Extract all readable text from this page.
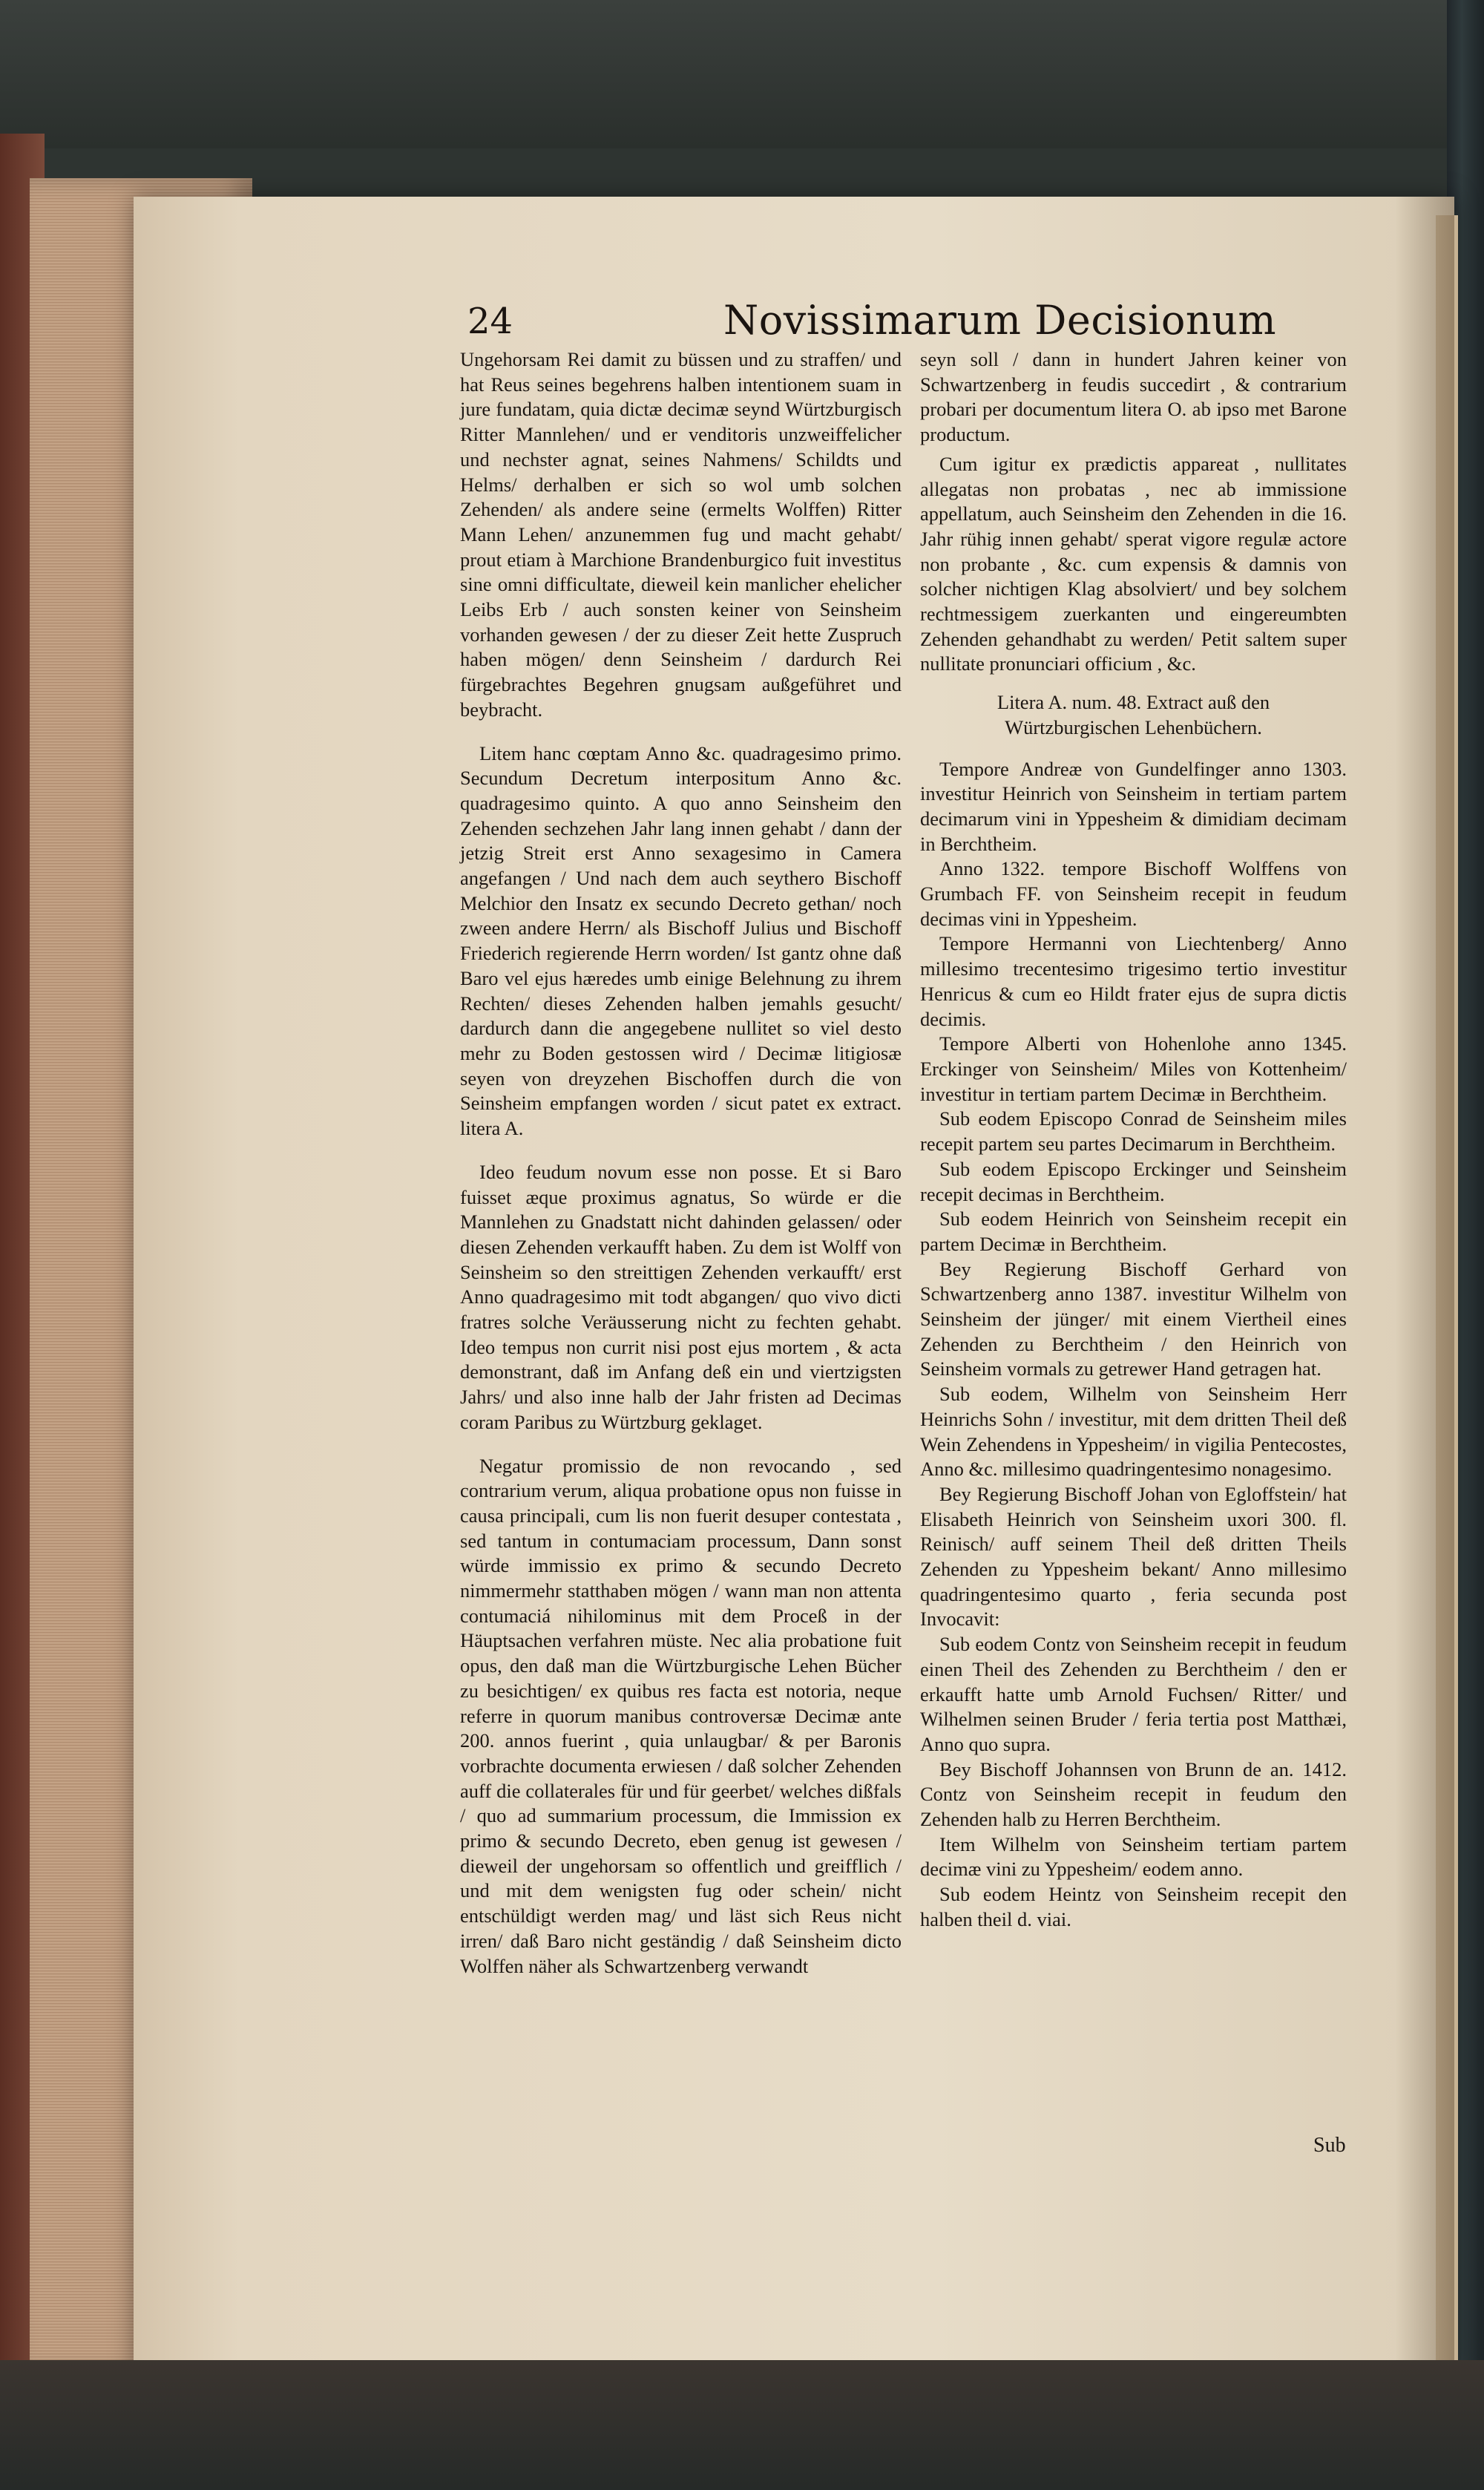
24	Novissimarum Decisionum

Ungehorsam Rei damit zu büssen und zu straffen/ und hat Reus seines begehrens halben intentionem suam in jure fundatam, quia dictæ decimæ seynd Würtzburgisch Ritter Mannlehen/ und er venditoris unzweiffelicher und nechster agnat, seines Nahmens/ Schildts und Helms/ derhalben er sich so wol umb solchen Zehenden/ als andere seine (ermelts Wolffen) Ritter Mann Lehen/ anzunemmen fug und macht gehabt/ prout etiam à Marchione Brandenburgico fuit investitus sine omni difficultate, dieweil kein manlicher ehelicher Leibs Erb / auch sonsten keiner von Seinsheim vorhanden gewesen / der zu dieser Zeit hette Zuspruch haben mögen/ denn Seinsheim / dardurch Rei fürgebrachtes Begehren gnugsam außgeführet und beybracht.

Litem hanc cœptam Anno &c. quadragesimo primo. Secundum Decretum interpositum Anno &c. quadragesimo quinto. A quo anno Seinsheim den Zehenden sechzehen Jahr lang innen gehabt / dann der jetzig Streit erst Anno sexagesimo in Camera angefangen / Und nach dem auch seythero Bischoff Melchior den Insatz ex secundo Decreto gethan/ noch zween andere Herrn/ als Bischoff Julius und Bischoff Friederich regierende Herrn worden/ Ist gantz ohne daß Baro vel ejus hæredes umb einige Belehnung zu ihrem Rechten/ dieses Zehenden halben jemahls gesucht/ dardurch dann die angegebene nullitet so viel desto mehr zu Boden gestossen wird / Decimæ litigiosæ seyen von dreyzehen Bischoffen durch die von Seinsheim empfangen worden / sicut patet ex extract. litera A.

Ideo feudum novum esse non posse. Et si Baro fuisset æque proximus agnatus, So würde er die Mannlehen zu Gnadstatt nicht dahinden gelassen/ oder diesen Zehenden verkaufft haben. Zu dem ist Wolff von Seinsheim so den streittigen Zehenden verkaufft/ erst Anno quadragesimo mit todt abgangen/ quo vivo dicti fratres solche Veräusserung nicht zu fechten gehabt. Ideo tempus non currit nisi post ejus mortem , & acta demonstrant, daß im Anfang deß ein und viertzigsten Jahrs/ und also inne halb der Jahr fristen ad Decimas coram Paribus zu Würtzburg geklaget.

Negatur promissio de non revocando , sed contrarium verum, aliqua probatione opus non fuisse in causa principali, cum lis non fuerit desuper contestata , sed tantum in contumaciam processum, Dann sonst würde immissio ex primo & secundo Decreto nimmermehr statthaben mögen / wann man non attenta contumaciá nihilominus mit dem Proceß in der Häuptsachen verfahren müste. Nec alia probatione fuit opus, den daß man die Würtzburgische Lehen Bücher zu besichtigen/ ex quibus res facta est notoria, neque referre in quorum manibus controversæ Decimæ ante 200. annos fuerint , quia unlaugbar/ & per Baronis vorbrachte documenta erwiesen / daß solcher Zehenden auff die collaterales für und für geerbet/ welches dißfals / quo ad summarium processum, die Immission ex primo & secundo Decreto, eben genug ist gewesen / dieweil der ungehorsam so offentlich und greifflich / und mit dem wenigsten fug oder schein/ nicht entschüldigt werden mag/ und läst sich Reus nicht irren/ daß Baro nicht geständig / daß Seinsheim dicto Wolffen näher als Schwartzenberg verwandt

seyn soll / dann in hundert Jahren keiner von Schwartzenberg in feudis succedirt , & contrarium probari per documentum litera O. ab ipso met Barone productum.

Cum igitur ex prædictis appareat , nullitates allegatas non probatas , nec ab immissione appellatum, auch Seinsheim den Zehenden in die 16. Jahr rühig innen gehabt/ sperat vigore regulæ actore non probante , &c. cum expensis & damnis von solcher nichtigen Klag absolviert/ und bey solchem rechtmessigem zuerkanten und eingereumbten Zehenden gehandhabt zu werden/ Petit saltem super nullitate pronunciari officium , &c.

Litera A. num. 48. Extract auß den Würtzburgischen Lehenbüchern.

Tempore Andreæ von Gundelfinger anno 1303. investitur Heinrich von Seinsheim in tertiam partem decimarum vini in Yppesheim & dimidiam decimam in Berchtheim.

Anno 1322. tempore Bischoff Wolffens von Grumbach FF. von Seinsheim recepit in feudum decimas vini in Yppesheim.

Tempore Hermanni von Liechtenberg/ Anno millesimo trecentesimo trigesimo tertio investitur Henricus & cum eo Hildt frater ejus de supra dictis decimis.

Tempore Alberti von Hohenlohe anno 1345. Erckinger von Seinsheim/ Miles von Kottenheim/ investitur in tertiam partem Decimæ in Berchtheim.

Sub eodem Episcopo Conrad de Seinsheim miles recepit partem seu partes Decimarum in Berchtheim.

Sub eodem Episcopo Erckinger und Seinsheim recepit decimas in Berchtheim.

Sub eodem Heinrich von Seinsheim recepit ein partem Decimæ in Berchtheim.

Bey Regierung Bischoff Gerhard von Schwartzenberg anno 1387. investitur Wilhelm von Seinsheim der jünger/ mit einem Viertheil eines Zehenden zu Berchtheim / den Heinrich von Seinsheim vormals zu getrewer Hand getragen hat.

Sub eodem, Wilhelm von Seinsheim Herr Heinrichs Sohn / investitur, mit dem dritten Theil deß Wein Zehendens in Yppesheim/ in vigilia Pentecostes, Anno &c. millesimo quadringentesimo nonagesimo.

Bey Regierung Bischoff Johan von Egloffstein/ hat Elisabeth Heinrich von Seinsheim uxori 300. fl. Reinisch/ auff seinem Theil deß dritten Theils Zehenden zu Yppesheim bekant/ Anno millesimo quadringentesimo quarto , feria secunda post Invocavit:

Sub eodem Contz von Seinsheim recepit in feudum einen Theil des Zehenden zu Berchtheim / den er erkaufft hatte umb Arnold Fuchsen/ Ritter/ und Wilhelmen seinen Bruder / feria tertia post Matthæi, Anno quo supra.

Bey Bischoff Johannsen von Brunn de an. 1412. Contz von Seinsheim recepit in feudum den Zehenden halb zu Herren Berchtheim.

Item Wilhelm von Seinsheim tertiam partem decimæ vini zu Yppesheim/ eodem anno.

Sub eodem Heintz von Seinsheim recepit den halben theil d. viai.

Sub
